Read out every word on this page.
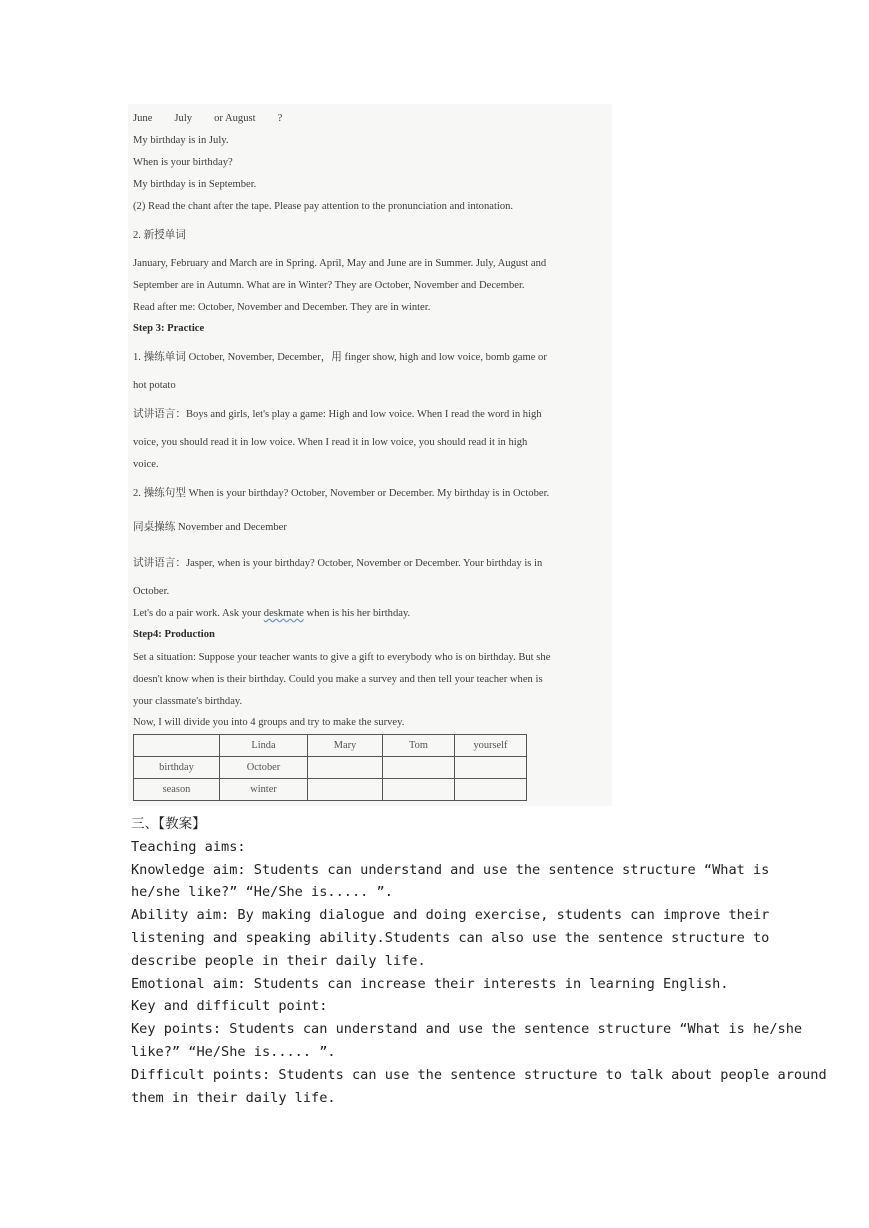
June July or August ?
My birthday is in July.
When is your birthday?
My birthday is in September.
(2) Read the chant after the tape. Please pay attention to the pronunciation and intonation.
2. 新授单词
January, February and March are in Spring. April, May and June are in Summer. July, August and
September are in Autumn. What are in Winter? They are October, November and December.
Read after me: October, November and December. They are in winter.
Step 3: Practice
1. 操练单词 October, November, December，用 finger show, high and low voice, bomb game or
hot potato
试讲语言：Boys and girls, let's play a game: High and low voice. When I read the word in high
voice, you should read it in low voice. When I read it in low voice, you should read it in high
voice.
2. 操练句型 When is your birthday? October, November or December. My birthday is in October.
同桌操练 November and December
试讲语言：Jasper, when is your birthday? October, November or December. Your birthday is in
October.
Let's do a pair work. Ask your deskmate when is his her birthday.
Step4: Production
Set a situation: Suppose your teacher wants to give a gift to everybody who is on birthday. But she
doesn't know when is their birthday. Could you make a survey and then tell your teacher when is
your classmate's birthday.
Now, I will divide you into 4 groups and try to make the survey.
	Linda	Mary	Tom	yourself
birthday	October			
season	winter			
三、【教案】
Teaching aims:
Knowledge aim: Students can understand and use the sentence structure “What is
he/she like?” “He/She is..... ”.
Ability aim: By making dialogue and doing exercise, students can improve their
listening and speaking ability.Students can also use the sentence structure to
describe people in their daily life.
Emotional aim: Students can increase their interests in learning English.
Key and difficult point:
Key points: Students can understand and use the sentence structure “What is he/she
like?” “He/She is..... ”.
Difficult points: Students can use the sentence structure to talk about people around
them in their daily life.
